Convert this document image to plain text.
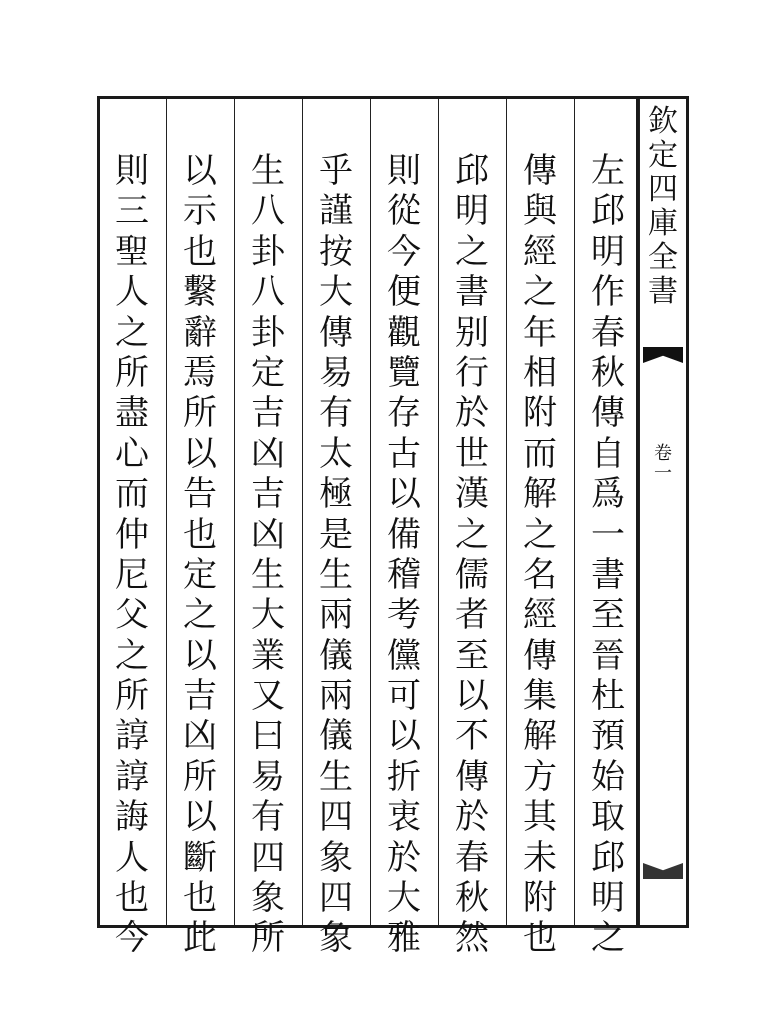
左
邱
明
作
春
秋
傳
自
爲
一
書
至
晉
杜
預
始
取
邱
明
之
傳
與
經
之
年
相
附
而
解
之
名
經
傳
集
解
方
其
未
附
也
邱
明
之
書
别
行
於
世
漢
之
儒
者
至
以
不
傳
於
春
秋
然
則
從
今
便
觀
覽
存
古
以
備
稽
考
儻
可
以
折
衷
於
大
雅
乎
謹
按
大
傳
易
有
太
極
是
生
兩
儀
兩
儀
生
四
象
四
象
生
八
卦
八
卦
定
吉
凶
吉
凶
生
大
業
又
曰
易
有
四
象
所
以
示
也
繫
辭
焉
所
以
告
也
定
之
以
吉
凶
所
以
斷
也
此
則
三
聖
人
之
所
盡
心
而
仲
尼
父
之
所
諄
諄
誨
人
也
今
欽
定
四
庫
全
書
卷
一
